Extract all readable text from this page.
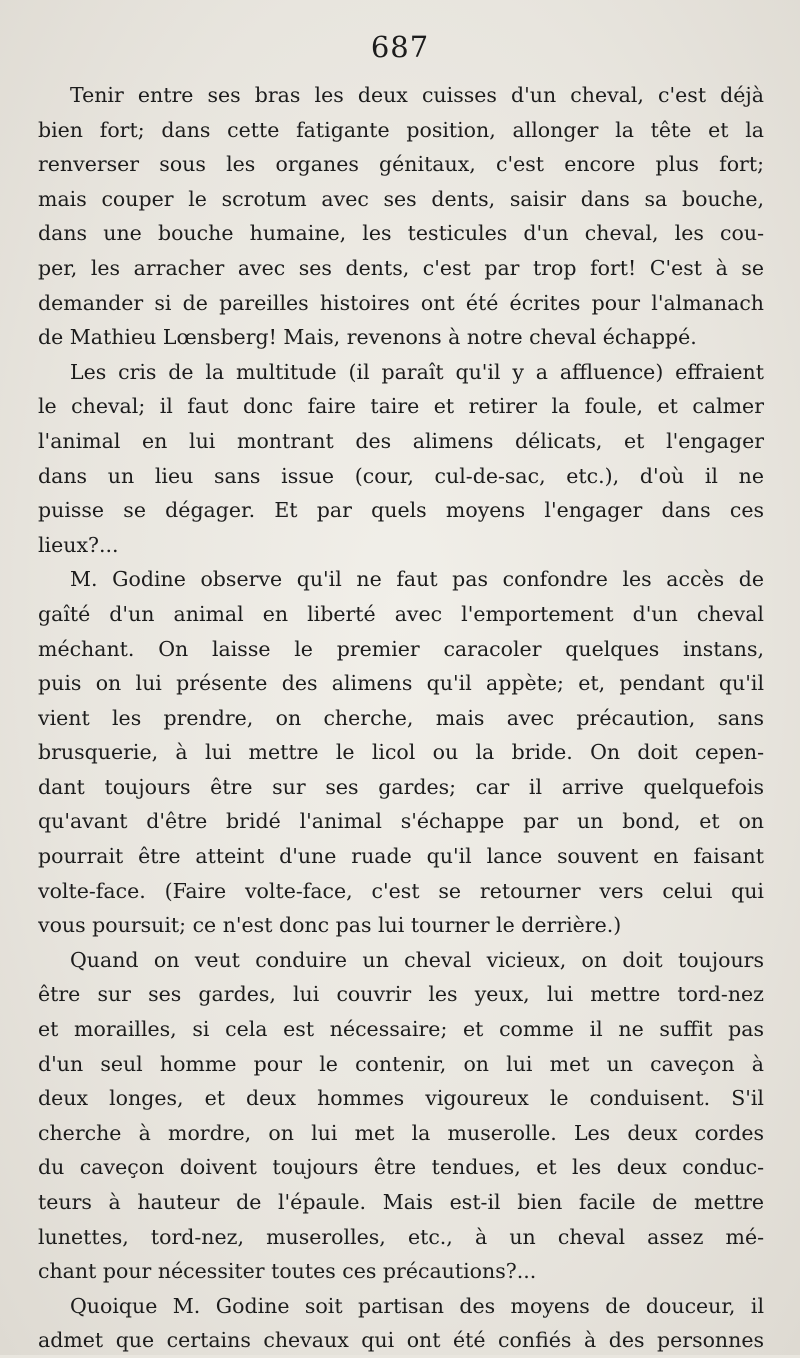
687
Tenir entre ses bras les deux cuisses d'un cheval, c'est déjà
bien fort; dans cette fatigante position, allonger la tête et la
renverser sous les organes génitaux, c'est encore plus fort;
mais couper le scrotum avec ses dents, saisir dans sa bouche,
dans une bouche humaine, les testicules d'un cheval, les cou-
per, les arracher avec ses dents, c'est par trop fort! C'est à se
demander si de pareilles histoires ont été écrites pour l'almanach
de Mathieu Lœnsberg! Mais, revenons à notre cheval échappé.
Les cris de la multitude (il paraît qu'il y a affluence) effraient
le cheval; il faut donc faire taire et retirer la foule, et calmer
l'animal en lui montrant des alimens délicats, et l'engager
dans un lieu sans issue (cour, cul-de-sac, etc.), d'où il ne
puisse se dégager. Et par quels moyens l'engager dans ces
lieux?...
M. Godine observe qu'il ne faut pas confondre les accès de
gaîté d'un animal en liberté avec l'emportement d'un cheval
méchant. On laisse le premier caracoler quelques instans,
puis on lui présente des alimens qu'il appète; et, pendant qu'il
vient les prendre, on cherche, mais avec précaution, sans
brusquerie, à lui mettre le licol ou la bride. On doit cepen-
dant toujours être sur ses gardes; car il arrive quelquefois
qu'avant d'être bridé l'animal s'échappe par un bond, et on
pourrait être atteint d'une ruade qu'il lance souvent en faisant
volte-face. (Faire volte-face, c'est se retourner vers celui qui
vous poursuit; ce n'est donc pas lui tourner le derrière.)
Quand on veut conduire un cheval vicieux, on doit toujours
être sur ses gardes, lui couvrir les yeux, lui mettre tord-nez
et morailles, si cela est nécessaire; et comme il ne suffit pas
d'un seul homme pour le contenir, on lui met un caveçon à
deux longes, et deux hommes vigoureux le conduisent. S'il
cherche à mordre, on lui met la muserolle. Les deux cordes
du caveçon doivent toujours être tendues, et les deux conduc-
teurs à hauteur de l'épaule. Mais est-il bien facile de mettre
lunettes, tord-nez, muserolles, etc., à un cheval assez mé-
chant pour nécessiter toutes ces précautions?...
Quoique M. Godine soit partisan des moyens de douceur, il
admet que certains chevaux qui ont été confiés à des personnes
